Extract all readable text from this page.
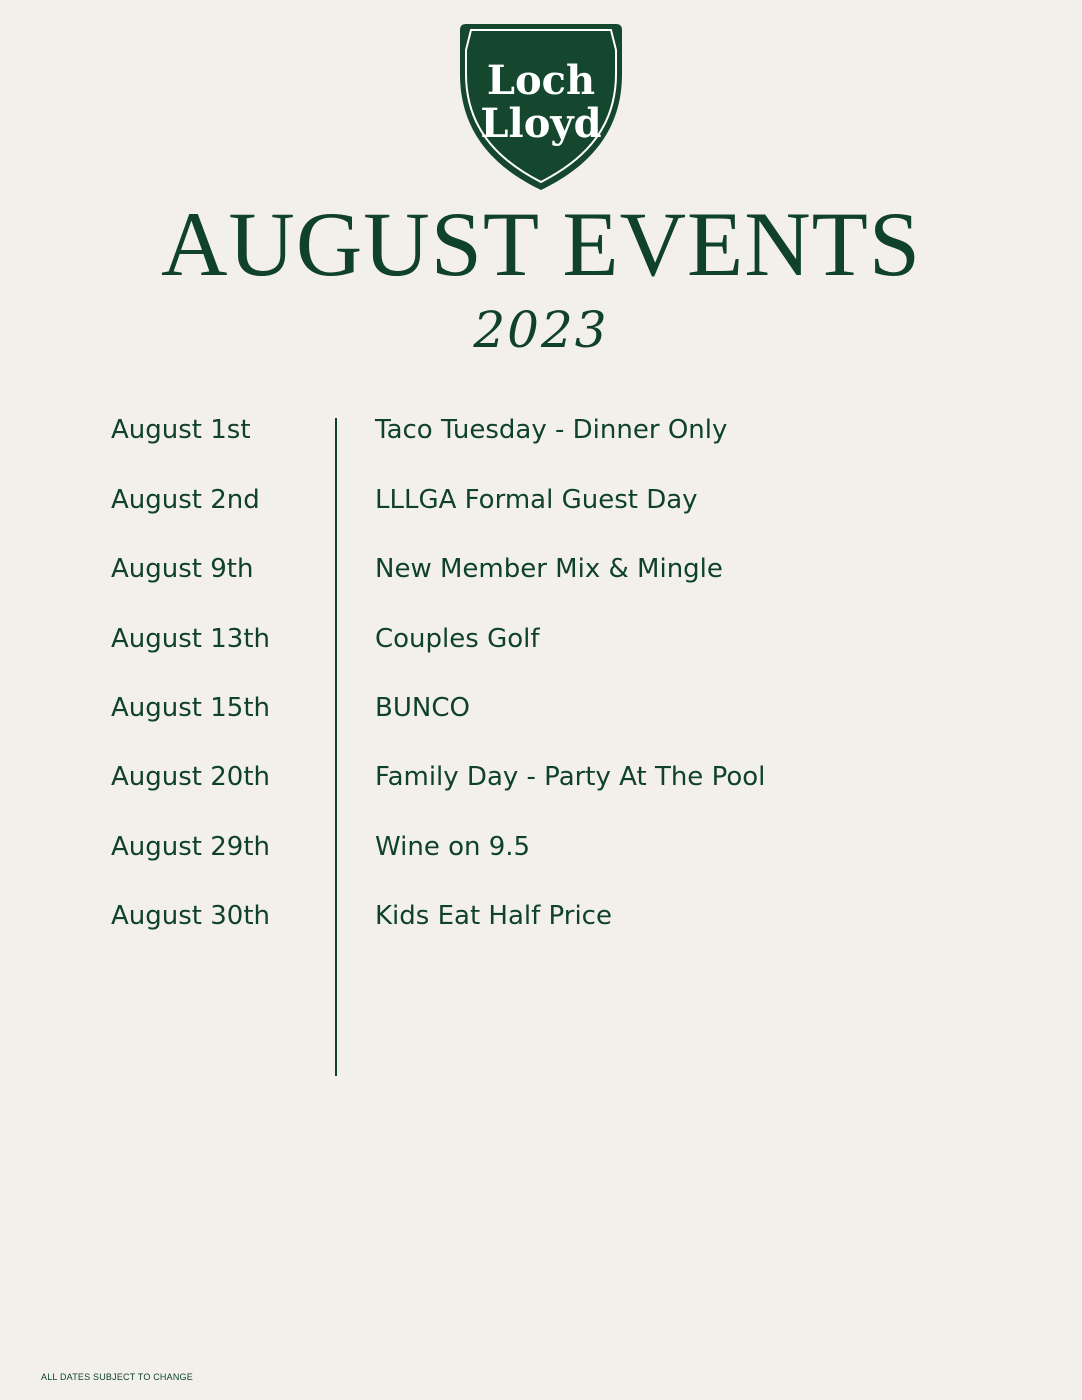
Loch
Lloyd
AUGUST EVENTS
2023
August 1st	Taco Tuesday - Dinner Only
August 2nd	LLLGA Formal Guest Day
August 9th	New Member Mix & Mingle
August 13th	Couples Golf
August 15th	BUNCO
August 20th	Family Day - Party At The Pool
August 29th	Wine on 9.5
August 30th	Kids Eat Half Price
ALL DATES SUBJECT TO CHANGE
